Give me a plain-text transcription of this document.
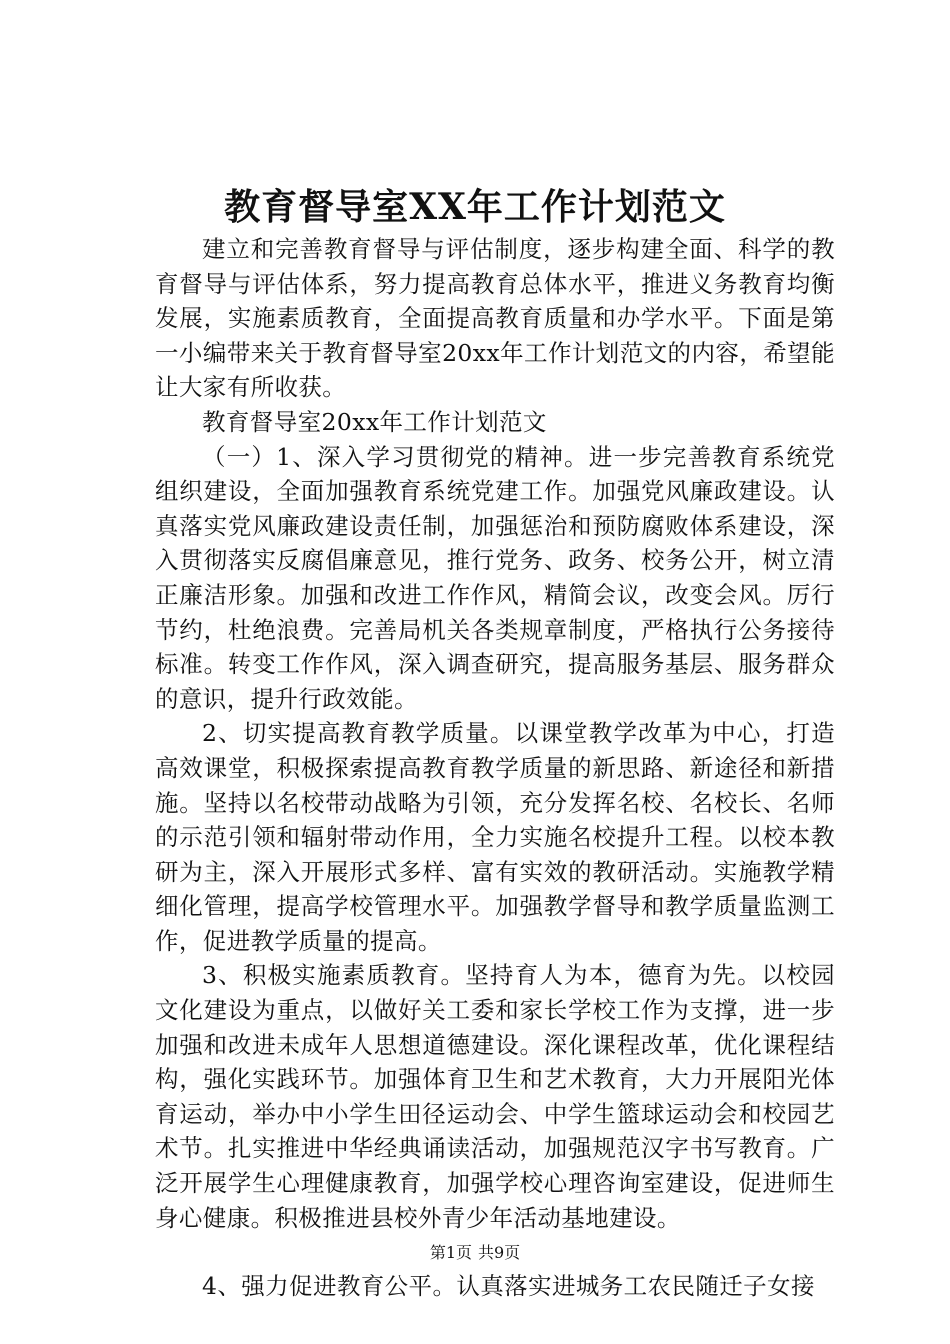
教育督导室XX年工作计划范文

建立和完善教育督导与评估制度，逐步构建全面、科学的教育督导与评估体系，努力提高教育总体水平，推进义务教育均衡发展，实施素质教育，全面提高教育质量和办学水平。下面是第一小编带来关于教育督导室20xx年工作计划范文的内容，希望能让大家有所收获。

教育督导室20xx年工作计划范文

（一）1、深入学习贯彻党的精神。进一步完善教育系统党组织建设，全面加强教育系统党建工作。加强党风廉政建设。认真落实党风廉政建设责任制，加强惩治和预防腐败体系建设，深入贯彻落实反腐倡廉意见，推行党务、政务、校务公开，树立清正廉洁形象。加强和改进工作作风，精简会议，改变会风。厉行节约，杜绝浪费。完善局机关各类规章制度，严格执行公务接待标准。转变工作作风，深入调查研究，提高服务基层、服务群众的意识，提升行政效能。

2、切实提高教育教学质量。以课堂教学改革为中心，打造高效课堂，积极探索提高教育教学质量的新思路、新途径和新措施。坚持以名校带动战略为引领，充分发挥名校、名校长、名师的示范引领和辐射带动作用，全力实施名校提升工程。以校本教研为主，深入开展形式多样、富有实效的教研活动。实施教学精细化管理，提高学校管理水平。加强教学督导和教学质量监测工作，促进教学质量的提高。

3、积极实施素质教育。坚持育人为本，德育为先。以校园文化建设为重点，以做好关工委和家长学校工作为支撑，进一步加强和改进未成年人思想道德建设。深化课程改革，优化课程结构，强化实践环节。加强体育卫生和艺术教育，大力开展阳光体育运动，举办中小学生田径运动会、中学生篮球运动会和校园艺术节。扎实推进中华经典诵读活动，加强规范汉字书写教育。广泛开展学生心理健康教育，加强学校心理咨询室建设，促进师生身心健康。积极推进县校外青少年活动基地建设。

4、强力促进教育公平。认真落实进城务工农民随迁子女接

第1页 共9页
